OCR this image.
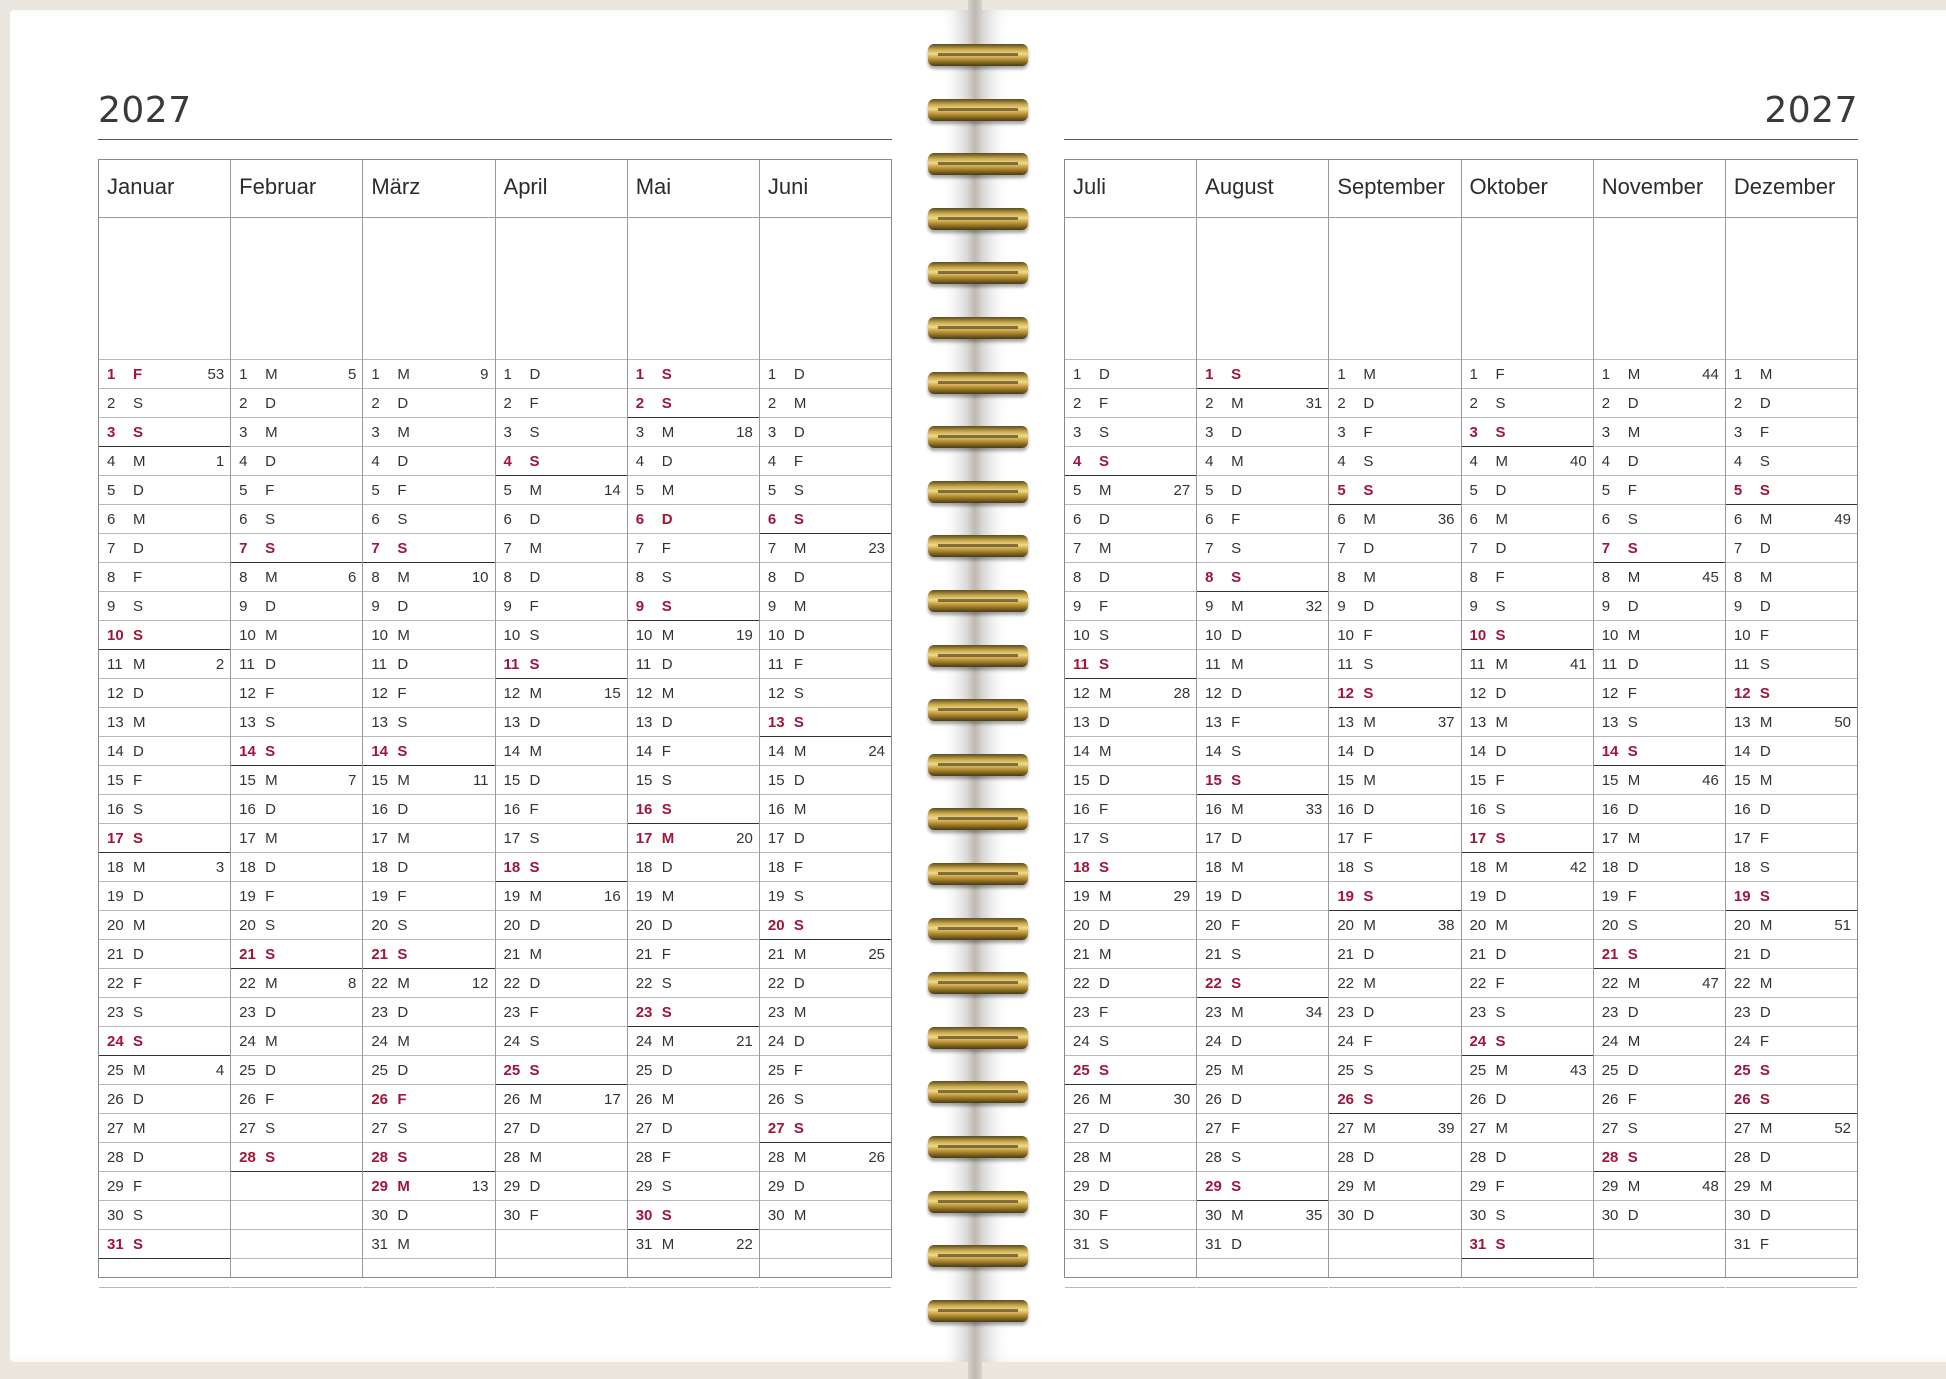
2027	2027
Januar
1 F	53
2 S
3 S
4 M	1
5 D
6 M
7 D
8 F
9 S
10 S
11 M	2
12 D
13 M
14 D
15 F
16 S
17 S
18 M	3
19 D
20 M
21 D
22 F
23 S
24 S
25 M	4
26 D
27 M
28 D
29 F
30 S
31 S
Februar
1 M	5
2 D
3 M
4 D
5 F
6 S
7 S
8 M	6
9 D
10 M
11 D
12 F
13 S
14 S
15 M	7
16 D
17 M
18 D
19 F
20 S
21 S
22 M	8
23 D
24 M
25 D
26 F
27 S
28 S
März
1 M	9
2 D
3 M
4 D
5 F
6 S
7 S
8 M	10
9 D
10 M
11 D
12 F
13 S
14 S
15 M	11
16 D
17 M
18 D
19 F
20 S
21 S
22 M	12
23 D
24 M
25 D
26 F
27 S
28 S
29 M	13
30 D
31 M
April
1 D
2 F
3 S
4 S
5 M	14
6 D
7 M
8 D
9 F
10 S
11 S
12 M	15
13 D
14 M
15 D
16 F
17 S
18 S
19 M	16
20 D
21 M
22 D
23 F
24 S
25 S
26 M	17
27 D
28 M
29 D
30 F
Mai
1 S
2 S
3 M	18
4 D
5 M
6 D
7 F
8 S
9 S
10 M	19
11 D
12 M
13 D
14 F
15 S
16 S
17 M	20
18 D
19 M
20 D
21 F
22 S
23 S
24 M	21
25 D
26 M
27 D
28 F
29 S
30 S
31 M	22
Juni
1 D
2 M
3 D
4 F
5 S
6 S
7 M	23
8 D
9 M
10 D
11 F
12 S
13 S
14 M	24
15 D
16 M
17 D
18 F
19 S
20 S
21 M	25
22 D
23 M
24 D
25 F
26 S
27 S
28 M	26
29 D
30 M
Juli
1 D
2 F
3 S
4 S
5 M	27
6 D
7 M
8 D
9 F
10 S
11 S
12 M	28
13 D
14 M
15 D
16 F
17 S
18 S
19 M	29
20 D
21 M
22 D
23 F
24 S
25 S
26 M	30
27 D
28 M
29 D
30 F
31 S
August
1 S
2 M	31
3 D
4 M
5 D
6 F
7 S
8 S
9 M	32
10 D
11 M
12 D
13 F
14 S
15 S
16 M	33
17 D
18 M
19 D
20 F
21 S
22 S
23 M	34
24 D
25 M
26 D
27 F
28 S
29 S
30 M	35
31 D
September
1 M
2 D
3 F
4 S
5 S
6 M	36
7 D
8 M
9 D
10 F
11 S
12 S
13 M	37
14 D
15 M
16 D
17 F
18 S
19 S
20 M	38
21 D
22 M
23 D
24 F
25 S
26 S
27 M	39
28 D
29 M
30 D
Oktober
1 F
2 S
3 S
4 M	40
5 D
6 M
7 D
8 F
9 S
10 S
11 M	41
12 D
13 M
14 D
15 F
16 S
17 S
18 M	42
19 D
20 M
21 D
22 F
23 S
24 S
25 M	43
26 D
27 M
28 D
29 F
30 S
31 S
November
1 M	44
2 D
3 M
4 D
5 F
6 S
7 S
8 M	45
9 D
10 M
11 D
12 F
13 S
14 S
15 M	46
16 D
17 M
18 D
19 F
20 S
21 S
22 M	47
23 D
24 M
25 D
26 F
27 S
28 S
29 M	48
30 D
Dezember
1 M
2 D
3 F
4 S
5 S
6 M	49
7 D
8 M
9 D
10 F
11 S
12 S
13 M	50
14 D
15 M
16 D
17 F
18 S
19 S
20 M	51
21 D
22 M
23 D
24 F
25 S
26 S
27 M	52
28 D
29 M
30 D
31 F
